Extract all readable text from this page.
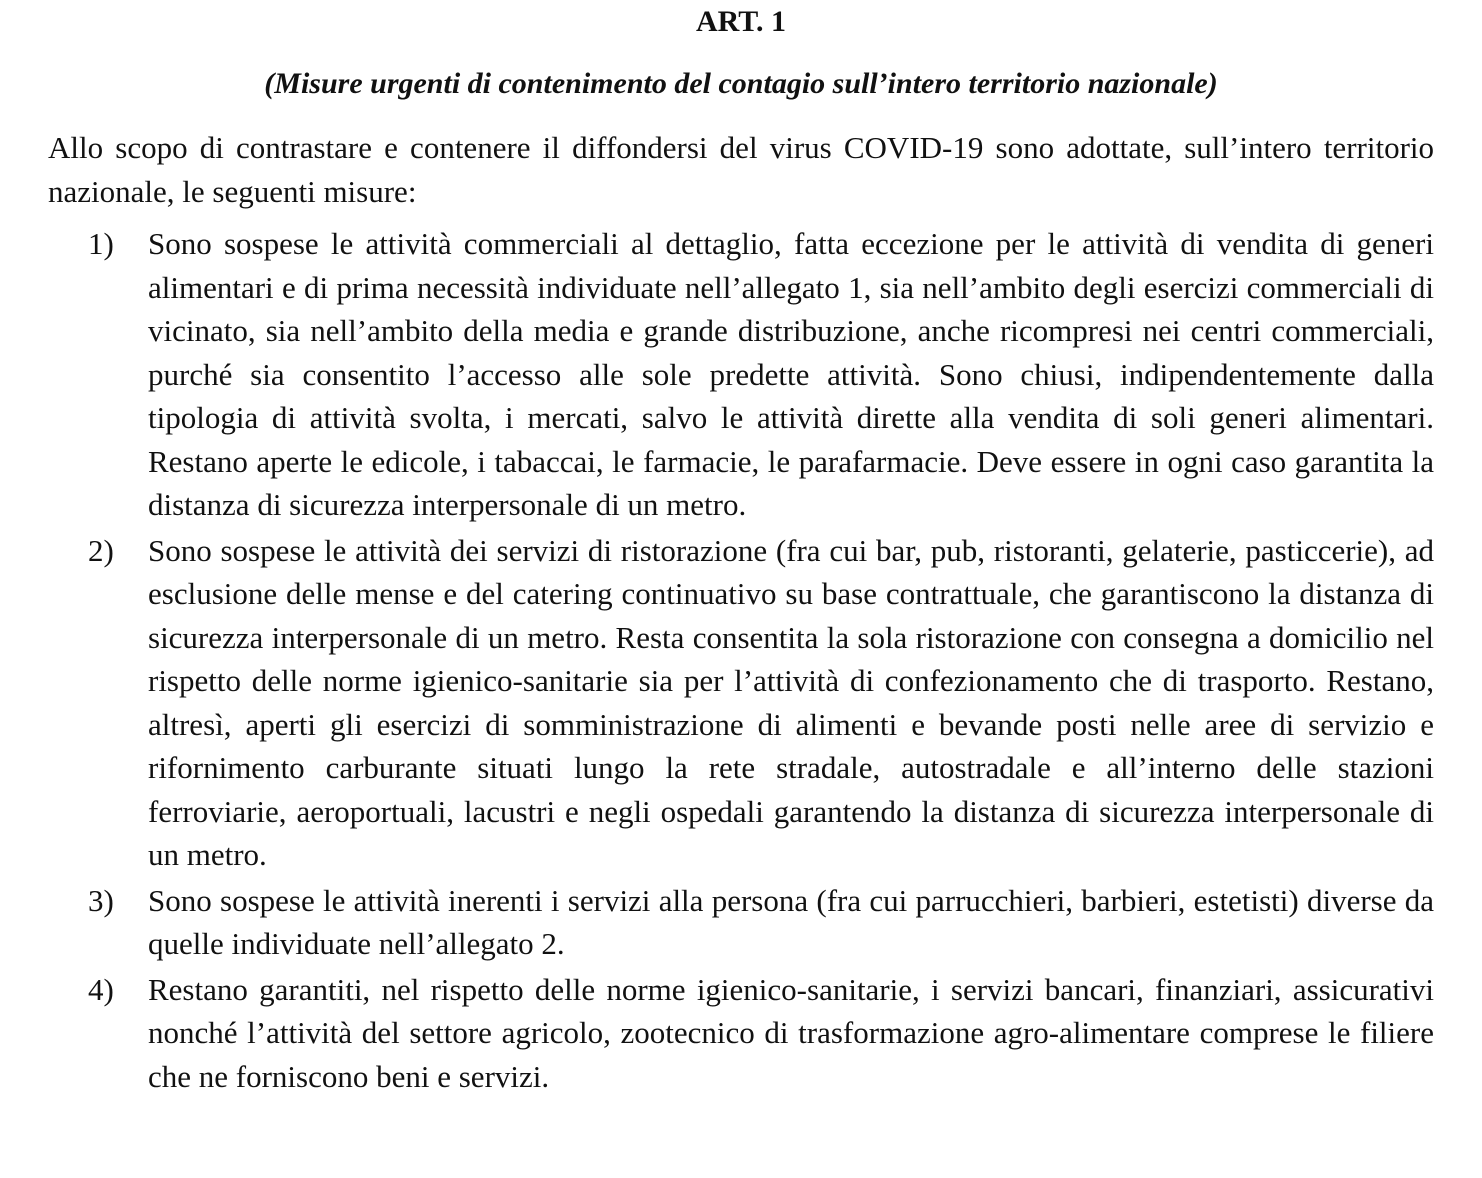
ART. 1
(Misure urgenti di contenimento del contagio sull’intero territorio nazionale)

Allo scopo di contrastare e contenere il diffondersi del virus COVID-19 sono adottate, sull’intero territorio nazionale, le seguenti misure:

1)	Sono sospese le attività commerciali al dettaglio, fatta eccezione per le attività di vendita di generi alimentari e di prima necessità individuate nell’allegato 1, sia nell’ambito degli esercizi commerciali di vicinato, sia nell’ambito della media e grande distribuzione, anche ricompresi nei centri commerciali, purché sia consentito l’accesso alle sole predette attività. Sono chiusi, indipendentemente dalla tipologia di attività svolta, i mercati, salvo le attività dirette alla vendita di soli generi alimentari. Restano aperte le edicole, i tabaccai, le farmacie, le parafarmacie. Deve essere in ogni caso garantita la distanza di sicurezza interpersonale di un metro.

2)	Sono sospese le attività dei servizi di ristorazione (fra cui bar, pub, ristoranti, gelaterie, pasticcerie), ad esclusione delle mense e del catering continuativo su base contrattuale, che garantiscono la distanza di sicurezza interpersonale di un metro. Resta consentita la sola ristorazione con consegna a domicilio nel rispetto delle norme igienico-sanitarie sia per l’attività di confezionamento che di trasporto. Restano, altresì, aperti gli esercizi di somministrazione di alimenti e bevande posti nelle aree di servizio e rifornimento carburante situati lungo la rete stradale, autostradale e all’interno delle stazioni ferroviarie, aeroportuali, lacustri e negli ospedali garantendo la distanza di sicurezza interpersonale di un metro.

3)	Sono sospese le attività inerenti i servizi alla persona (fra cui parrucchieri, barbieri, estetisti) diverse da quelle individuate nell’allegato 2.

4)	Restano garantiti, nel rispetto delle norme igienico-sanitarie, i servizi bancari, finanziari, assicurativi nonché l’attività del settore agricolo, zootecnico di trasformazione agro-alimentare comprese le filiere che ne forniscono beni e servizi.
